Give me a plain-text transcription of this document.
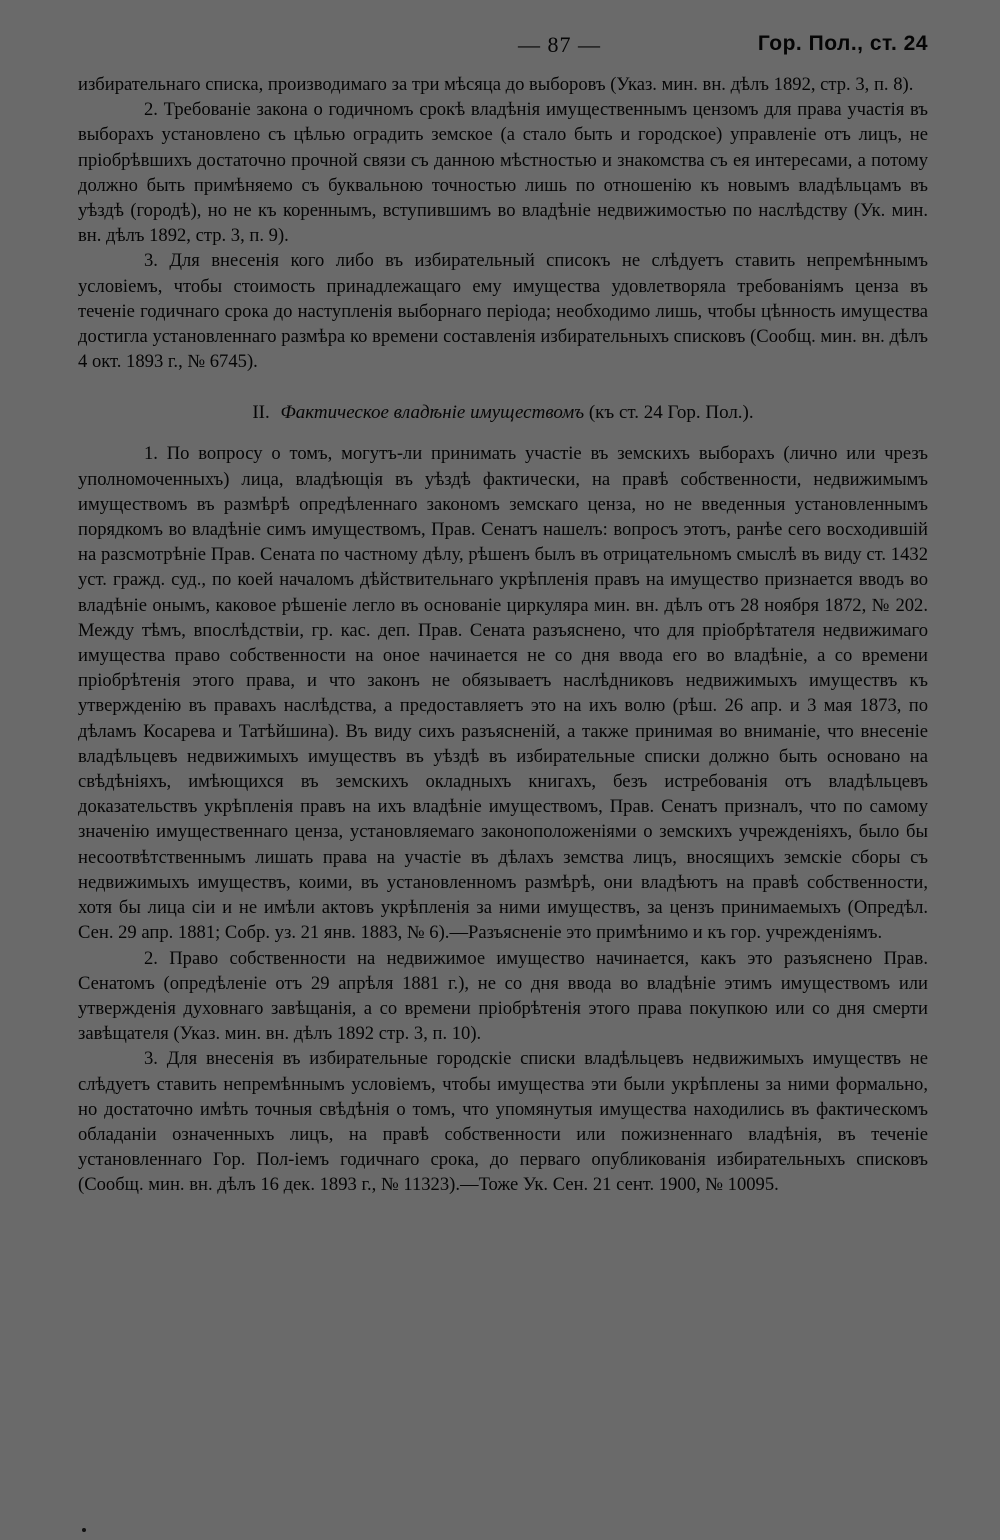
— 87 —	Гор. Пол., ст. 24

избирательнаго списка, производимаго за три мѣсяца до выборовъ (Указ. мин. вн. дѣлъ 1892, стр. 3, п. 8).

2. Требованіе закона о годичномъ срокѣ владѣнія имущественнымъ цензомъ для права участія въ выборахъ установлено съ цѣлью оградить земское (а стало быть и городское) управленіе отъ лицъ, не пріобрѣвшихъ достаточно прочной связи съ данною мѣстностью и знакомства съ ея интересами, а потому должно быть примѣняемо съ буквальною точностью лишь по отношенію къ новымъ владѣльцамъ въ уѣздѣ (городѣ), но не къ кореннымъ, вступившимъ во владѣніе недвижимостью по наслѣдству (Ук. мин. вн. дѣлъ 1892, стр. 3, п. 9).

3. Для внесенія кого либо въ избирательный списокъ не слѣдуетъ ставить непремѣннымъ условіемъ, чтобы стоимость принадлежащаго ему имущества удовлетворяла требованіямъ ценза въ теченіе годичнаго срока до наступленія выборнаго періода; необходимо лишь, чтобы цѣнность имущества достигла установленнаго размѣра ко времени составленія избирательныхъ списковъ (Сообщ. мин. вн. дѣлъ 4 окт. 1893 г., № 6745).

II. Фактическое владѣніе имуществомъ (къ ст. 24 Гор. Пол.).

1. По вопросу о томъ, могутъ-ли принимать участіе въ земскихъ выборахъ (лично или чрезъ уполномоченныхъ) лица, владѣющія въ уѣздѣ фактически, на правѣ собственности, недвижимымъ имуществомъ въ размѣрѣ опредѣленнаго закономъ земскаго ценза, но не введенныя установленнымъ порядкомъ во владѣніе симъ имуществомъ, Прав. Сенатъ нашелъ: вопросъ этотъ, ранѣе сего восходившій на разсмотрѣніе Прав. Сената по частному дѣлу, рѣшенъ былъ въ отрицательномъ смыслѣ въ виду ст. 1432 уст. гражд. суд., по коей началомъ дѣйствительнаго укрѣпленія правъ на имущество признается вводъ во владѣніе онымъ, каковое рѣшеніе легло въ основаніе циркуляра мин. вн. дѣлъ отъ 28 ноября 1872, № 202. Между тѣмъ, впослѣдствіи, гр. кас. деп. Прав. Сената разъяснено, что для пріобрѣтателя недвижимаго имущества право собственности на оное начинается не со дня ввода его во владѣніе, а со времени пріобрѣтенія этого права, и что законъ не обязываетъ наслѣдниковъ недвижимыхъ имуществъ къ утвержденію въ правахъ наслѣдства, а предоставляетъ это на ихъ волю (рѣш. 26 апр. и 3 мая 1873, по дѣламъ Косарева и Татѣйшина). Въ виду сихъ разъясненій, а также принимая во вниманіе, что внесеніе владѣльцевъ недвижимыхъ имуществъ въ уѣздѣ въ избирательные списки должно быть основано на свѣдѣніяхъ, имѣющихся въ земскихъ окладныхъ книгахъ, безъ истребованія отъ владѣльцевъ доказательствъ укрѣпленія правъ на ихъ владѣніе имуществомъ, Прав. Сенатъ призналъ, что по самому значенію имущественнаго ценза, установляемаго законоположеніями о земскихъ учрежденіяхъ, было бы несоотвѣтственнымъ лишать права на участіе въ дѣлахъ земства лицъ, вносящихъ земскіе сборы съ недвижимыхъ имуществъ, коими, въ установленномъ размѣрѣ, они владѣютъ на правѣ собственности, хотя бы лица сіи и не имѣли актовъ укрѣпленія за ними имуществъ, за цензъ принимаемыхъ (Опредѣл. Сен. 29 апр. 1881; Собр. уз. 21 янв. 1883, № 6).—Разъясненіе это примѣнимо и къ гор. учрежденіямъ.

2. Право собственности на недвижимое имущество начинается, какъ это разъяснено Прав. Сенатомъ (опредѣленіе отъ 29 апрѣля 1881 г.), не со дня ввода во владѣніе этимъ имуществомъ или утвержденія духовнаго завѣщанія, а со времени пріобрѣтенія этого права покупкою или со дня смерти завѣщателя (Указ. мин. вн. дѣлъ 1892 стр. 3, п. 10).

3. Для внесенія въ избирательные городскіе списки владѣльцевъ недвижимыхъ имуществъ не слѣдуетъ ставить непремѣннымъ условіемъ, чтобы имущества эти были укрѣплены за ними формально, но достаточно имѣть точныя свѣдѣнія о томъ, что упомянутыя имущества находились въ фактическомъ обладаніи означенныхъ лицъ, на правѣ собственности или пожизненнаго владѣнія, въ теченіе установленнаго Гор. Пол-іемъ годичнаго срока, до перваго опубликованія избирательныхъ списковъ (Сообщ. мин. вн. дѣлъ 16 дек. 1893 г., № 11323).—Тоже Ук. Сен. 21 сент. 1900, № 10095.
